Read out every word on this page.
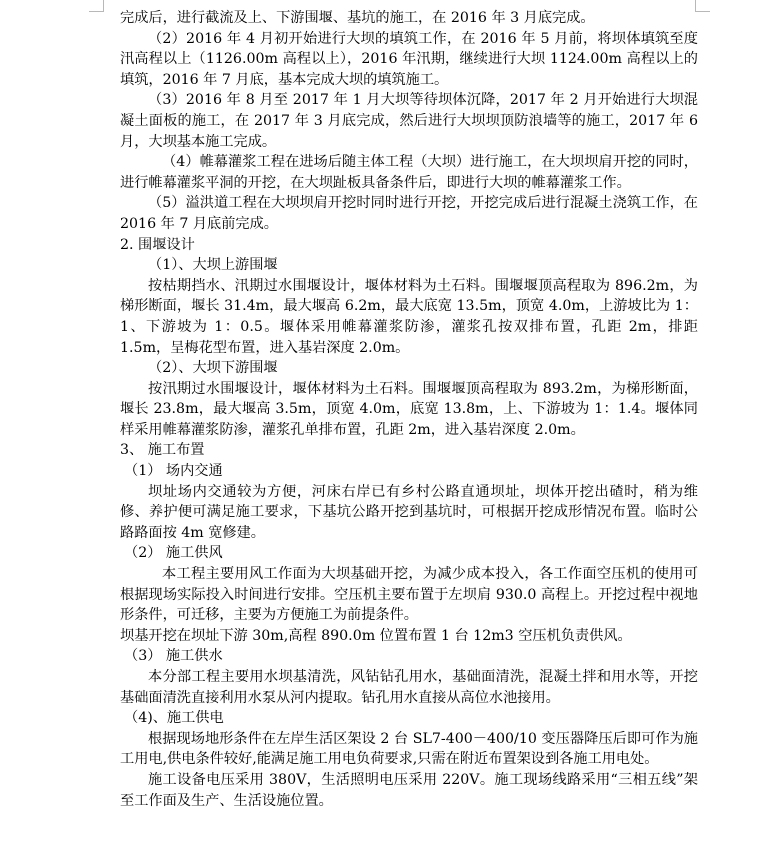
完成后，进行截流及上、下游围堰、基坑的施工，在 2016 年 3 月底完成。

（2）2016 年 4 月初开始进行大坝的填筑工作，在 2016 年 5 月前，将坝体填筑至度汛高程以上（1126.00m 高程以上），2016 年汛期，继续进行大坝 1124.00m 高程以上的填筑，2016 年 7 月底，基本完成大坝的填筑施工。

（3）2016 年 8 月至 2017 年 1 月大坝等待坝体沉降，2017 年 2 月开始进行大坝混凝土面板的施工，在 2017 年 3 月底完成，然后进行大坝坝顶防浪墙等的施工，2017 年 6 月，大坝基本施工完成。

（4）帷幕灌浆工程在进场后随主体工程（大坝）进行施工，在大坝坝肩开挖的同时，进行帷幕灌浆平洞的开挖，在大坝趾板具备条件后，即进行大坝的帷幕灌浆工作。

（5）溢洪道工程在大坝坝肩开挖时同时进行开挖，开挖完成后进行混凝土浇筑工作，在 2016 年 7 月底前完成。

2. 围堰设计

（1）、大坝上游围堰

按枯期挡水、汛期过水围堰设计，堰体材料为土石料。围堰堰顶高程取为 896.2m，为梯形断面，堰长 31.4m，最大堰高 6.2m，最大底宽 13.5m，顶宽 4.0m，上游坡比为 1：1、下游坡为 1：0.5。堰体采用帷幕灌浆防渗，灌浆孔按双排布置，孔距 2m，排距 1.5m，呈梅花型布置，进入基岩深度 2.0m。

（2）、大坝下游围堰

按汛期过水围堰设计，堰体材料为土石料。围堰堰顶高程取为 893.2m，为梯形断面，堰长 23.8m，最大堰高 3.5m，顶宽 4.0m，底宽 13.8m，上、下游坡为 1：1.4。堰体同样采用帷幕灌浆防渗，灌浆孔单排布置，孔距 2m，进入基岩深度 2.0m。

3、 施工布置

（1） 场内交通

坝址场内交通较为方便，河床右岸已有乡村公路直通坝址，坝体开挖出碴时，稍为维修、养护便可满足施工要求，下基坑公路开挖到基坑时，可根据开挖成形情况布置。临时公路路面按 4m 宽修建。

（2） 施工供风

本工程主要用风工作面为大坝基础开挖，为减少成本投入，各工作面空压机的使用可根据现场实际投入时间进行安排。空压机主要布置于左坝肩 930.0 高程上。开挖过程中视地形条件，可迁移，主要为方便施工为前提条件。

坝基开挖在坝址下游 30m,高程 890.0m 位置布置 1 台 12m3 空压机负责供风。

（3） 施工供水

本分部工程主要用水坝基清洗，风钻钻孔用水，基础面清洗，混凝土拌和用水等，开挖基础面清洗直接利用水泵从河内提取。钻孔用水直接从高位水池接用。

（4)、施工供电

根据现场地形条件在左岸生活区架设 2 台 SL7-400－400/10 变压器降压后即可作为施工用电,供电条件较好,能满足施工用电负荷要求,只需在附近布置架设到各施工用电处。

施工设备电压采用 380V，生活照明电压采用 220V。施工现场线路采用“三相五线”架至工作面及生产、生活设施位置。
